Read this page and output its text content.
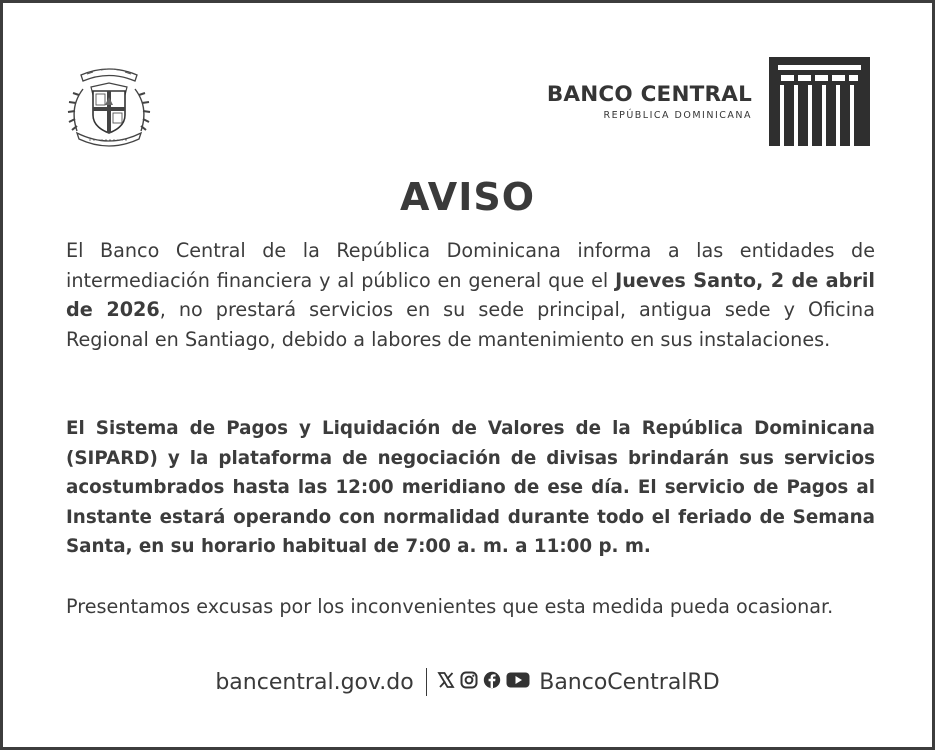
BANCO CENTRAL
REPÚBLICA DOMINICANA
AVISO
El Banco Central de la República Dominicana informa a las entidades de intermediación financiera y al público en general que el Jueves Santo, 2 de abril de 2026, no prestará servicios en su sede principal, antigua sede y Oficina Regional en Santiago, debido a labores de mantenimiento en sus instalaciones.
El Sistema de Pagos y Liquidación de Valores de la República Dominicana (SIPARD) y la plataforma de negociación de divisas brindarán sus servicios acostumbrados hasta las 12:00 meridiano de ese día. El servicio de Pagos al Instante estará operando con normalidad durante todo el feriado de Semana Santa, en su horario habitual de 7:00 a. m. a 11:00 p. m.
Presentamos excusas por los inconvenientes que esta medida pueda ocasionar.
bancentral.gov.do	BancoCentralRD
